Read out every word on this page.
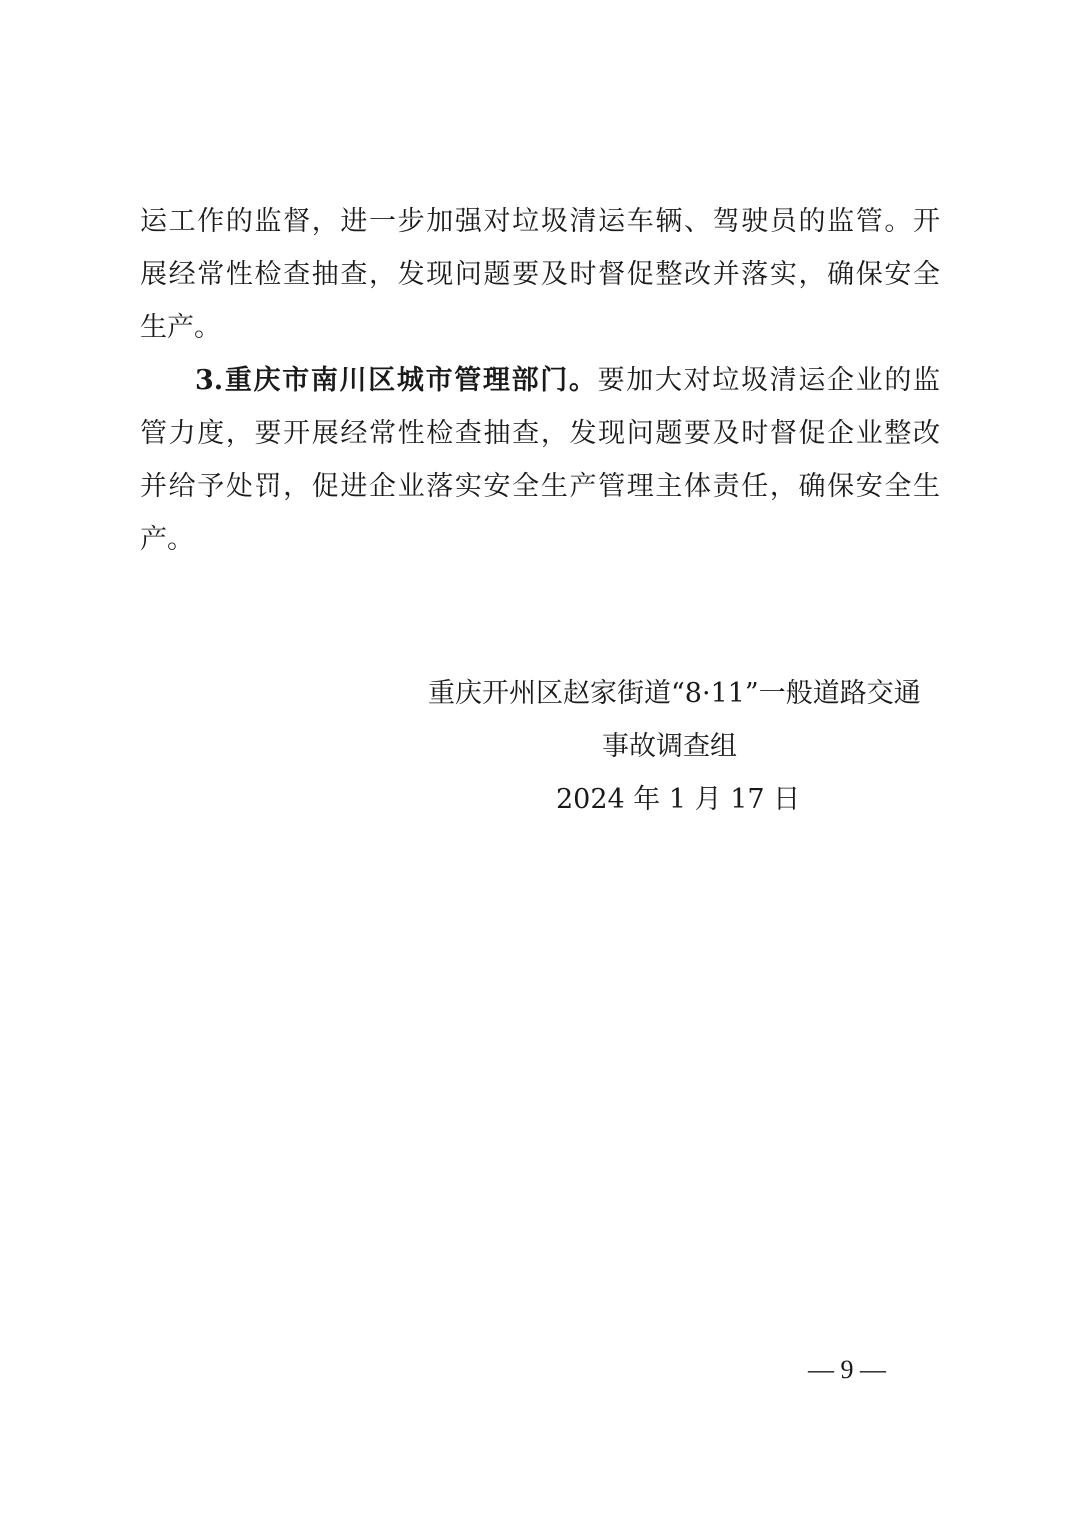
运工作的监督，进一步加强对垃圾清运车辆、驾驶员的监管。开
展经常性检查抽查，发现问题要及时督促整改并落实，确保安全
生产。
3.重庆市南川区城市管理部门。要加大对垃圾清运企业的监
管力度，要开展经常性检查抽查，发现问题要及时督促企业整改
并给予处罚，促进企业落实安全生产管理主体责任，确保安全生
产。
重庆开州区赵家街道“8·11”一般道路交通
事故调查组
2024 年 1 月 17 日
— 9 —
